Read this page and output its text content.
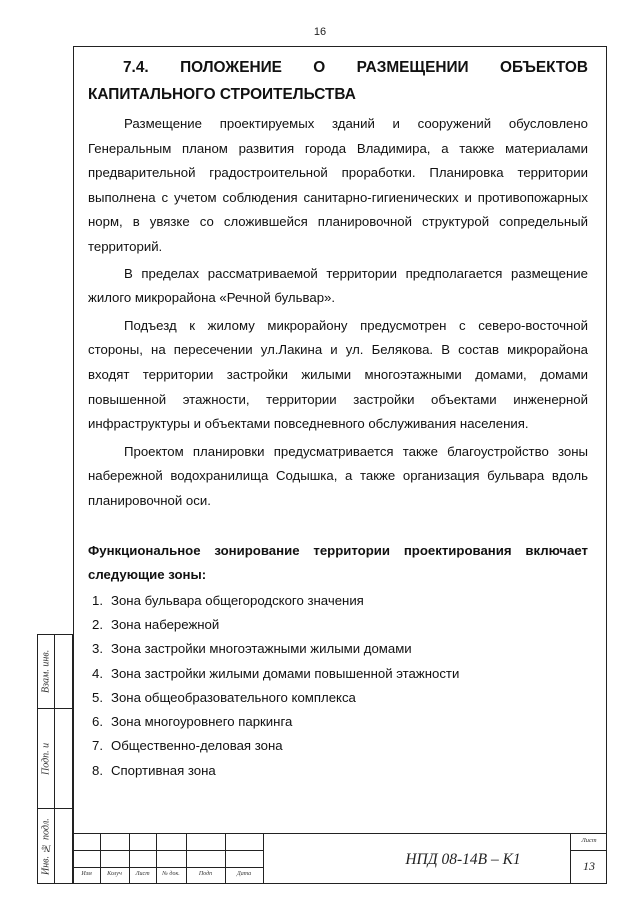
16
7.4. ПОЛОЖЕНИЕ О РАЗМЕЩЕНИИ ОБЪЕКТОВ
КАПИТАЛЬНОГО СТРОИТЕЛЬСТВА

Размещение проектируемых зданий и сооружений обусловлено Генеральным планом развития города Владимира, а также материалами предварительной градостроительной проработки. Планировка территории выполнена с учетом соблюдения санитарно-гигиенических и противопожарных норм, в увязке со сложившейся планировочной структурой сопредельный территорий.

В пределах рассматриваемой территории предполагается размещение жилого микрорайона «Речной бульвар».

Подъезд к жилому микрорайону предусмотрен с северо-восточной стороны, на пересечении ул.Лакина и ул. Белякова. В состав микрорайона входят территории застройки жилыми многоэтажными домами, домами повышенной этажности, территории застройки объектами инженерной инфраструктуры и объектами повседневного обслуживания населения.

Проектом планировки предусматривается также благоустройство зоны набережной водохранилища Содышка, а также организация бульвара вдоль планировочной оси.

Функциональное зонирование территории проектирования включает следующие зоны:

1. Зона бульвара общегородского значения
2. Зона набережной
3. Зона застройки многоэтажными жилыми домами
4. Зона застройки жилыми домами повышенной этажности
5. Зона общеобразовательного комплекса
6. Зона многоуровнего паркинга
7. Общественно-деловая зона
8. Спортивная зона
Взам. инв.
Подп. и
Инв. № подл.	Изм	Колуч	Лист	№ док.	Подп	Дата
НПД 08-14В – К1
Лист
13
